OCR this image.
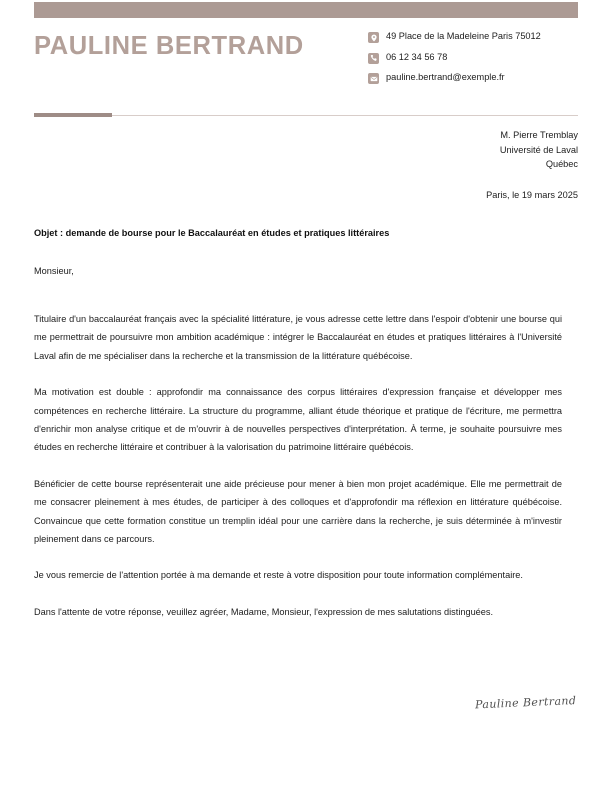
PAULINE BERTRAND	49 Place de la Madeleine Paris 75012
06 12 34 56 78
pauline.bertrand@exemple.fr
M. Pierre Tremblay
Université de Laval
Québec
Paris, le 19 mars 2025
Objet : demande de bourse pour le Baccalauréat en études et pratiques littéraires
Monsieur,

Titulaire d'un baccalauréat français avec la spécialité littérature, je vous adresse cette lettre dans l'espoir d'obtenir une bourse qui me permettrait de poursuivre mon ambition académique : intégrer le Baccalauréat en études et pratiques littéraires à l'Université Laval afin de me spécialiser dans la recherche et la transmission de la littérature québécoise.

Ma motivation est double : approfondir ma connaissance des corpus littéraires d'expression française et développer mes compétences en recherche littéraire. La structure du programme, alliant étude théorique et pratique de l'écriture, me permettra d'enrichir mon analyse critique et de m'ouvrir à de nouvelles perspectives d'interprétation. À terme, je souhaite poursuivre mes études en recherche littéraire et contribuer à la valorisation du patrimoine littéraire québécois.

Bénéficier de cette bourse représenterait une aide précieuse pour mener à bien mon projet académique. Elle me permettrait de me consacrer pleinement à mes études, de participer à des colloques et d'approfondir ma réflexion en littérature québécoise. Convaincue que cette formation constitue un tremplin idéal pour une carrière dans la recherche, je suis déterminée à m'investir pleinement dans ce parcours.

Je vous remercie de l'attention portée à ma demande et reste à votre disposition pour toute information complémentaire.

Dans l'attente de votre réponse, veuillez agréer, Madame, Monsieur, l'expression de mes salutations distinguées.

Pauline Bertrand
